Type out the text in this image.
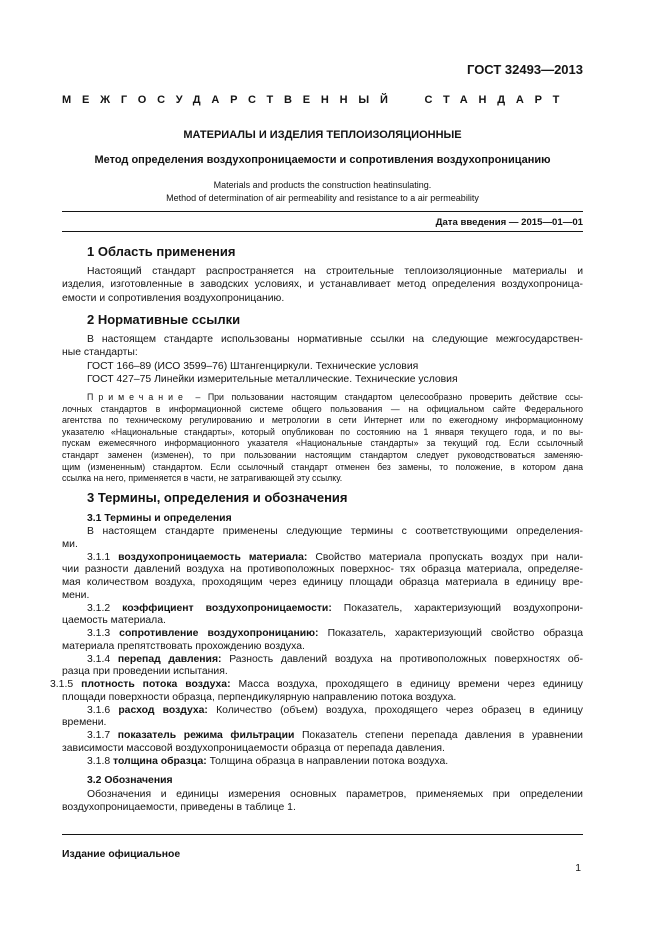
ГОСТ 32493—2013
МЕЖГОСУДАРСТВЕННЫЙ СТАНДАРТ
МАТЕРИАЛЫ И ИЗДЕЛИЯ ТЕПЛОИЗОЛЯЦИОННЫЕ
Метод определения воздухопроницаемости и сопротивления воздухопроницанию
Materials and products the construction heatinsulating.
Method of determination of air permeability and resistance to a air permeability
Дата введения — 2015—01—01
1 Область применения
Настоящий стандарт распространяется на строительные теплоизоляционные материалы и
изделия, изготовленные в заводских условиях, и устанавливает метод определения воздухопроница-
емости и сопротивления воздухопроницанию.
2 Нормативные ссылки
В настоящем стандарте использованы нормативные ссылки на следующие межгосударствен-
ные стандарты:
ГОСТ 166–89 (ИСО 3599–76) Штангенциркули. Технические условия
ГОСТ 427–75 Линейки измерительные металлические. Технические условия
Примечание – При пользовании настоящим стандартом целесообразно проверить действие ссы-
лочных стандартов в информационной системе общего пользования — на официальном сайте Федерального
агентства по техническому регулированию и метрологии в сети Интернет или по ежегодному информационному
указателю «Национальные стандарты», который опубликован по состоянию на 1 января текущего года, и по вы-
пускам ежемесячного информационного указателя «Национальные стандарты» за текущий год. Если ссылочный
стандарт заменен (изменен), то при пользовании настоящим стандартом следует руководствоваться заменяю-
щим (измененным) стандартом. Если ссылочный стандарт отменен без замены, то положение, в котором дана
ссылка на него, применяется в части, не затрагивающей эту ссылку.
3 Термины, определения и обозначения
3.1 Термины и определения
В настоящем стандарте применены следующие термины с соответствующими определения-
ми.
3.1.1 воздухопроницаемость материала: Свойство материала пропускать воздух при нали-
чии разности давлений воздуха на противоположных поверхнос- тях образца материала, определяе-
мая количеством воздуха, проходящим через единицу площади образца материала в единицу вре-
мени.
3.1.2 коэффициент воздухопроницаемости: Показатель, характеризующий воздухопрони-
цаемость материала.
3.1.3 сопротивление воздухопроницанию: Показатель, характеризующий свойство образца
материала препятствовать прохождению воздуха.
3.1.4 перепад давления: Разность давлений воздуха на противоположных поверхностях об-
разца при проведении испытания.
3.1.5 плотность потока воздуха: Масса воздуха, проходящего в единицу времени через единицу
площади поверхности образца, перпендикулярную направлению потока воздуха.
3.1.6 расход воздуха: Количество (объем) воздуха, проходящего через образец в единицу
времени.
3.1.7 показатель режима фильтрации Показатель степени перепада давления в уравнении
зависимости массовой воздухопроницаемости образца от перепада давления.
3.1.8 толщина образца: Толщина образца в направлении потока воздуха.
3.2 Обозначения
Обозначения и единицы измерения основных параметров, применяемых при определении
воздухопроницаемости, приведены в таблице 1.
Издание официальное
1
